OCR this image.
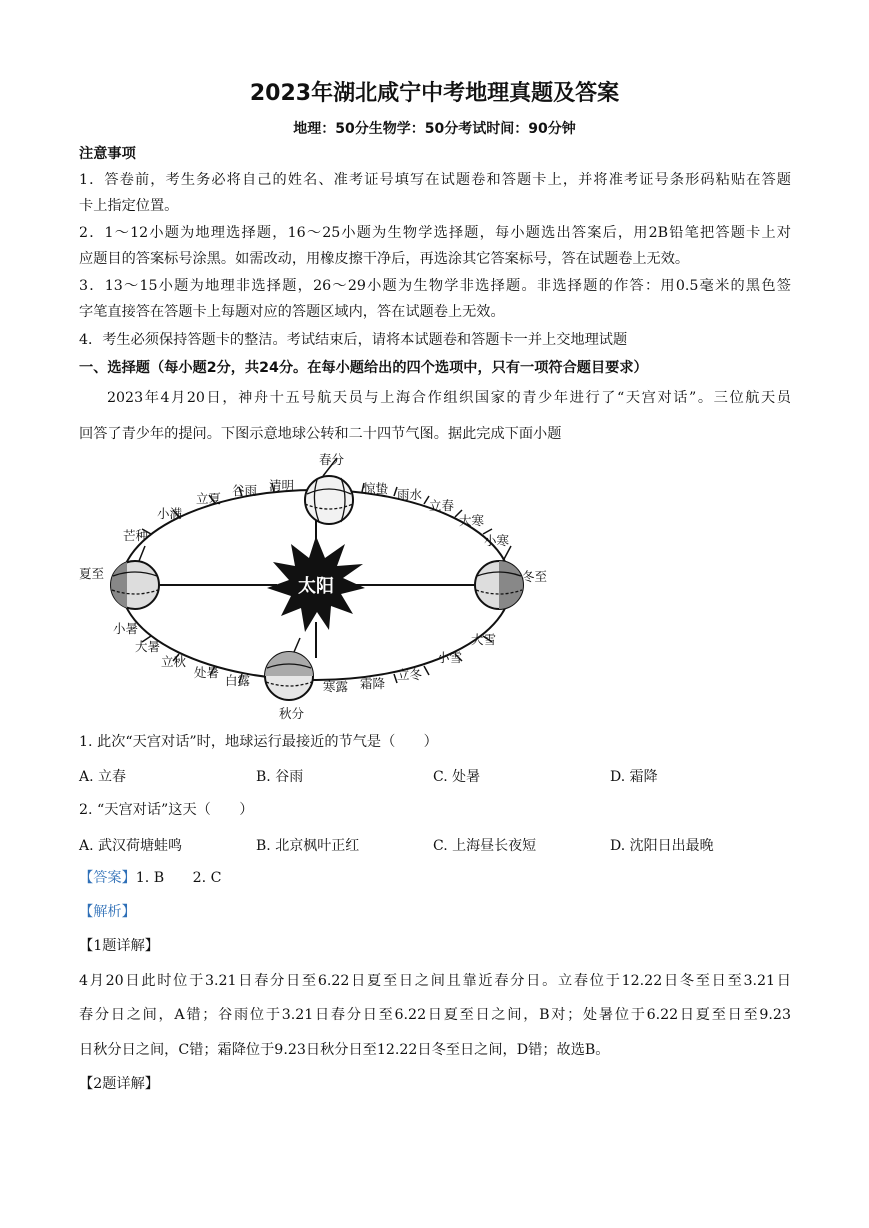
2023年湖北咸宁中考地理真题及答案
地理：50分生物学：50分考试时间：90分钟
注意事项
1．答卷前，考生务必将自己的姓名、准考证号填写在试题卷和答题卡上，并将准考证号条形码粘贴在答题
卡上指定位置。
2．1～12小题为地理选择题，16～25小题为生物学选择题，每小题选出答案后，用2B铅笔把答题卡上对
应题目的答案标号涂黑。如需改动，用橡皮擦干净后，再选涂其它答案标号，答在试题卷上无效。
3．13～15小题为地理非选择题，26～29小题为生物学非选择题。非选择题的作答：用0.5毫米的黑色签
字笔直接答在答题卡上每题对应的答题区域内，答在试题卷上无效。
4．考生必须保持答题卡的整洁。考试结束后，请将本试题卷和答题卡一并上交地理试题
一、选择题（每小题2分，共24分。在每小题给出的四个选项中，只有一项符合题目要求）
2023年4月20日，神舟十五号航天员与上海合作组织国家的青少年进行了“天宫对话”。三位航天员
回答了青少年的提问。下图示意地球公转和二十四节气图。据此完成下面小题
太阳
春分
惊蛰 雨水
立春
大寒
小寒
冬至
大雪
小雪
立冬
霜降
寒露
秋分
白露
处暑
立秋
大暑
小暑
夏至
芒种
小满
立夏
谷雨 清明
1. 此次“天宫对话”时，地球运行最接近的节气是（　　）
A. 立春	B. 谷雨	C. 处暑	D. 霜降
2. “天宫对话”这天（　　）
A. 武汉荷塘蛙鸣	B. 北京枫叶正红	C. 上海昼长夜短	D. 沈阳日出最晚
【答案】1. B　　2. C
【解析】
【1题详解】
4月20日此时位于3.21日春分日至6.22日夏至日之间且靠近春分日。立春位于12.22日冬至日至3.21日
春分日之间，A错；谷雨位于3.21日春分日至6.22日夏至日之间，B对；处暑位于6.22日夏至日至9.23
日秋分日之间，C错；霜降位于9.23日秋分日至12.22日冬至日之间，D错；故选B。
【2题详解】
